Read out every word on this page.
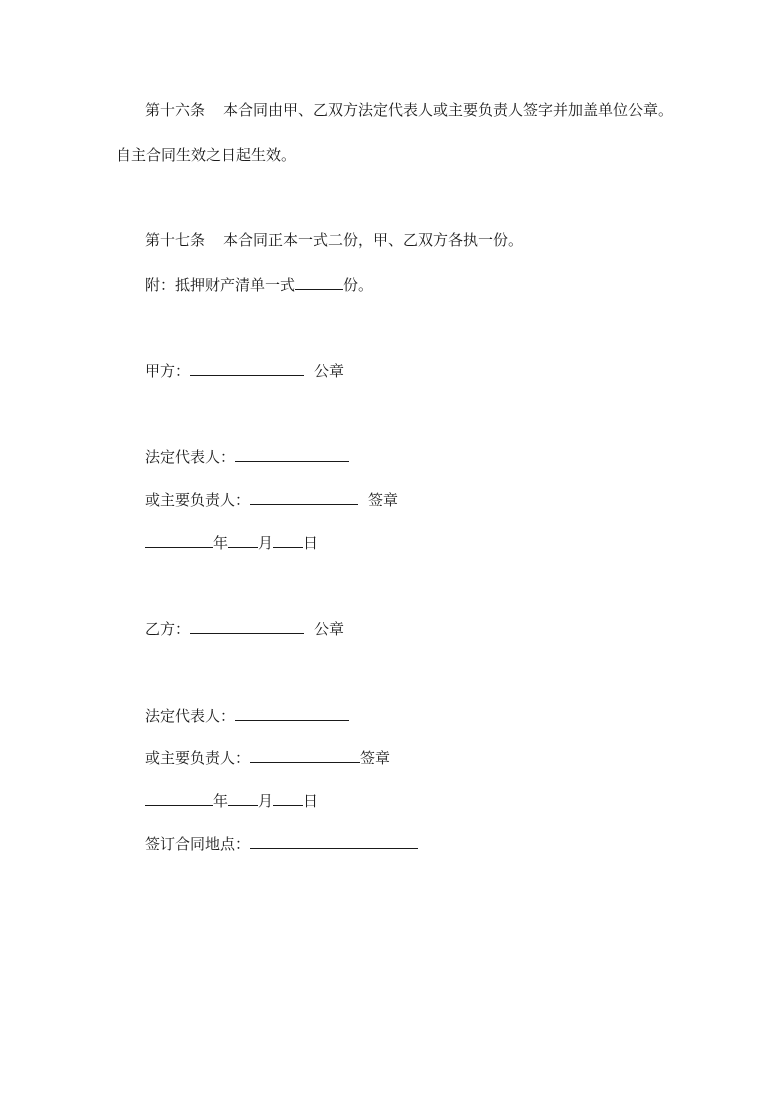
第十六条 本合同由甲、乙双方法定代表人或主要负责人签字并加盖单位公章。
自主合同生效之日起生效。
第十七条 本合同正本一式二份，甲、乙双方各执一份。
附：抵押财产清单一式	份。
甲方：	公章
法定代表人：
或主要负责人：	签章
年 月 日
乙方：	公章
法定代表人：
或主要负责人：	签章
年 月 日
签订合同地点：
